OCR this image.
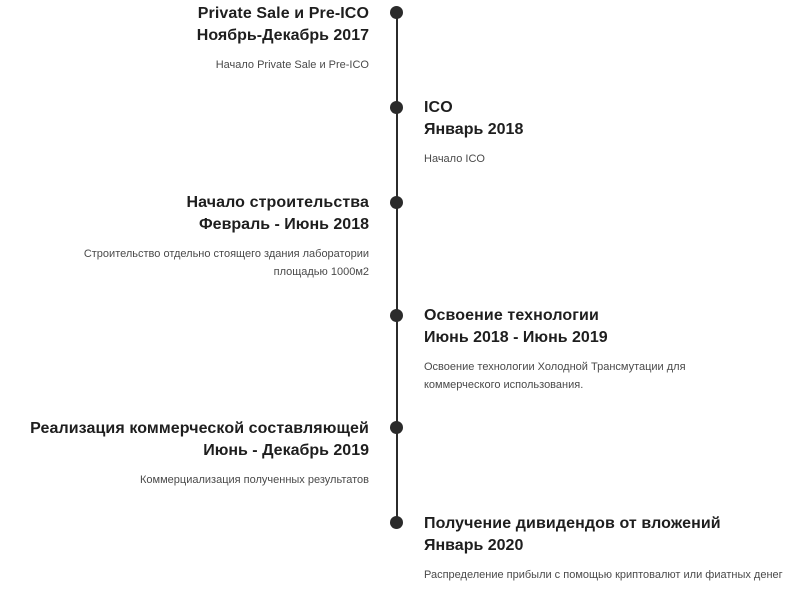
Private Sale и Pre-ICO
Ноябрь-Декабрь 2017
Начало Private Sale и Pre-ICO
ICO
Январь 2018
Начало ICO
Начало строительства
Февраль - Июнь 2018
Строительство отдельно стоящего здания лаборатории площадью 1000м2
Освоение технологии
Июнь 2018 - Июнь 2019
Освоение технологии Холодной Трансмутации для коммерческого использования.
Реализация коммерческой составляющей
Июнь - Декабрь 2019
Коммерциализация полученных результатов
Получение дивидендов от вложений
Январь 2020
Распределение прибыли с помощью криптовалют или фиатных денег
